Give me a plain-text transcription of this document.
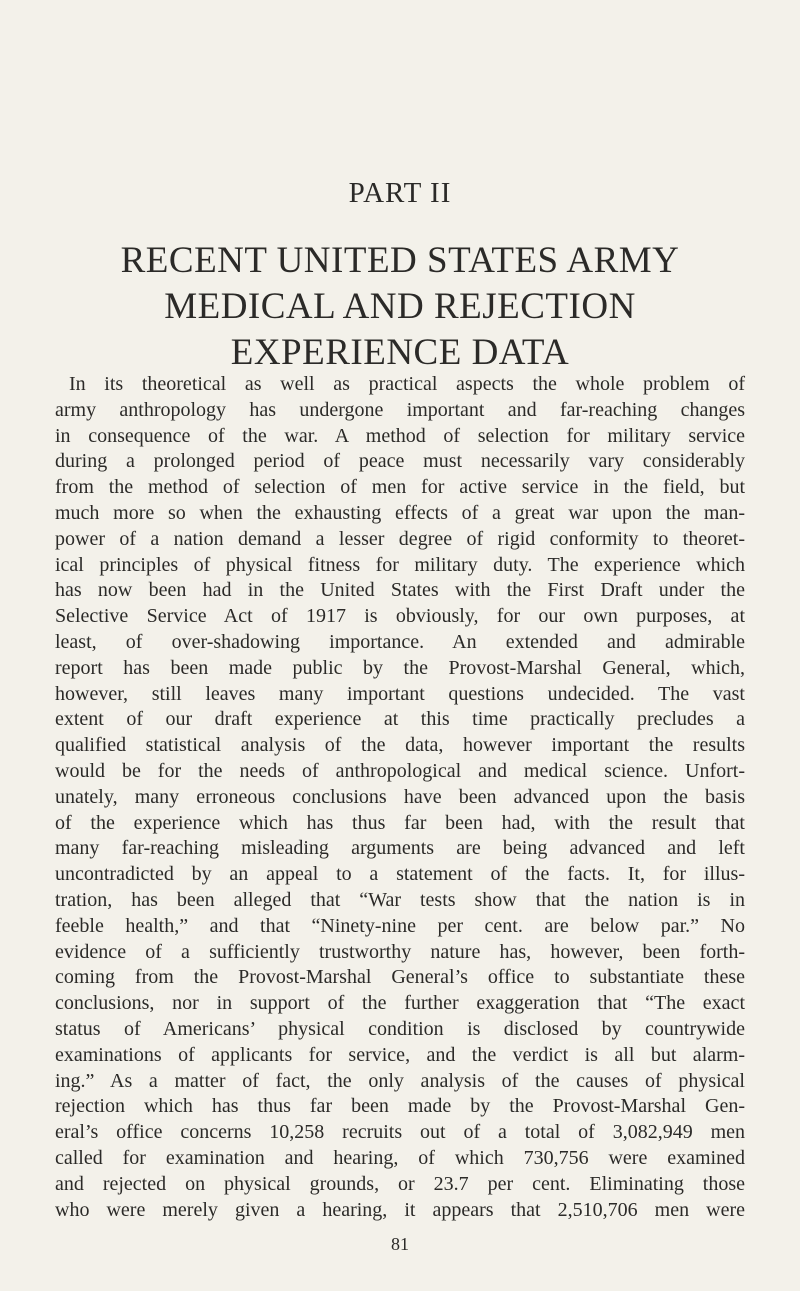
PART II
RECENT UNITED STATES ARMY
MEDICAL AND REJECTION
EXPERIENCE DATA
In its theoretical as well as practical aspects the whole problem of
army anthropology has undergone important and far-reaching changes
in consequence of the war. A method of selection for military service
during a prolonged period of peace must necessarily vary considerably
from the method of selection of men for active service in the field, but
much more so when the exhausting effects of a great war upon the man-
power of a nation demand a lesser degree of rigid conformity to theoret-
ical principles of physical fitness for military duty. The experience which
has now been had in the United States with the First Draft under the
Selective Service Act of 1917 is obviously, for our own purposes, at
least, of over-shadowing importance. An extended and admirable
report has been made public by the Provost-Marshal General, which,
however, still leaves many important questions undecided. The vast
extent of our draft experience at this time practically precludes a
qualified statistical analysis of the data, however important the results
would be for the needs of anthropological and medical science. Unfort-
unately, many erroneous conclusions have been advanced upon the basis
of the experience which has thus far been had, with the result that
many far-reaching misleading arguments are being advanced and left
uncontradicted by an appeal to a statement of the facts. It, for illus-
tration, has been alleged that “War tests show that the nation is in
feeble health,” and that “Ninety-nine per cent. are below par.” No
evidence of a sufficiently trustworthy nature has, however, been forth-
coming from the Provost-Marshal General’s office to substantiate these
conclusions, nor in support of the further exaggeration that “The exact
status of Americans’ physical condition is disclosed by countrywide
examinations of applicants for service, and the verdict is all but alarm-
ing.” As a matter of fact, the only analysis of the causes of physical
rejection which has thus far been made by the Provost-Marshal Gen-
eral’s office concerns 10,258 recruits out of a total of 3,082,949 men
called for examination and hearing, of which 730,756 were examined
and rejected on physical grounds, or 23.7 per cent. Eliminating those
who were merely given a hearing, it appears that 2,510,706 men were
81
